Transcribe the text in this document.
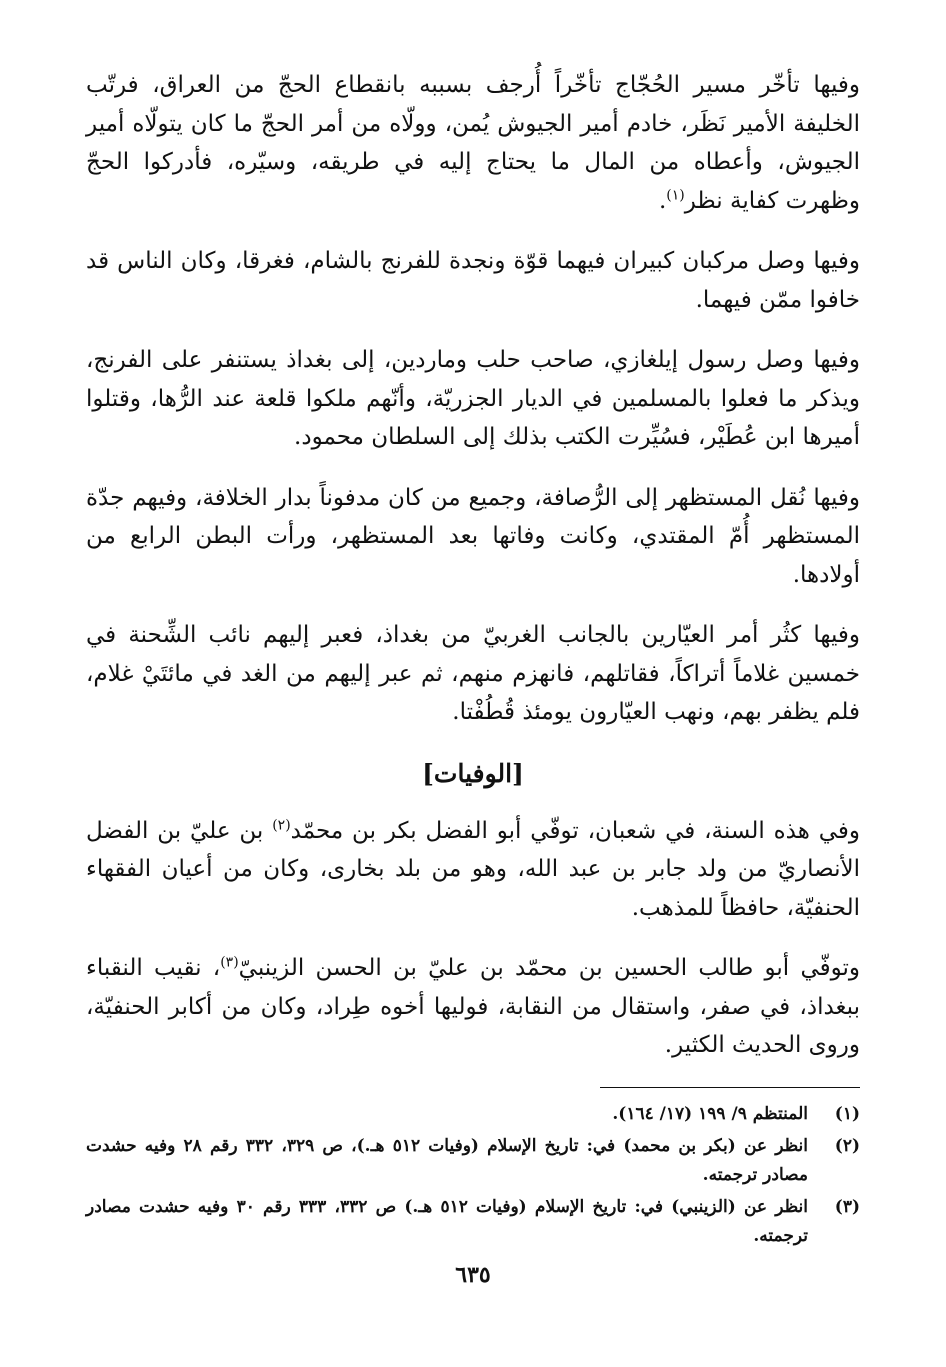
وفيها تأخّر مسير الحُجّاج تأخّراً أُرجف بسببه بانقطاع الحجّ من العراق، فرتّب الخليفة الأمير نَظَر، خادم أمير الجيوش يُمن، وولّاه من أمر الحجّ ما كان يتولّاه أمير الجيوش، وأعطاه من المال ما يحتاج إليه في طريقه، وسيّره، فأدركوا الحجّ وظهرت كفاية نظر$^{(١)}$.

وفيها وصل مركبان كبيران فيهما قوّة ونجدة للفرنج بالشام، فغرقا، وكان الناس قد خافوا ممّن فيهما.

وفيها وصل رسول إيلغازي، صاحب حلب وماردين، إلى بغداذ يستنفر على الفرنج، ويذكر ما فعلوا بالمسلمين في الديار الجزريّة، وأنّهم ملكوا قلعة عند الرُّها، وقتلوا أميرها ابن عُطَيْر، فسُيِّرت الكتب بذلك إلى السلطان محمود.

وفيها نُقل المستظهر إلى الرُّصافة، وجميع من كان مدفوناً بدار الخلافة، وفيهم جدّة المستظهر أُمّ المقتدي، وكانت وفاتها بعد المستظهر، ورأت البطن الرابع من أولادها.

وفيها كثُر أمر العيّارين بالجانب الغربيّ من بغداذ، فعبر إليهم نائب الشِّحنة في خمسين غلاماً أتراكاً، فقاتلهم، فانهزم منهم، ثم عبر إليهم من الغد في مائتَيْ غلام، فلم يظفر بهم، ونهب العيّارون يومئذ قُطُفْتا.

[الوفيات]

وفي هذه السنة، في شعبان، توفّي أبو الفضل بكر بن محمّد$^{(٢)}$ بن عليّ بن الفضل الأنصاريّ من ولد جابر بن عبد الله، وهو من بلد بخارى، وكان من أعيان الفقهاء الحنفيّة، حافظاً للمذهب.

وتوفّي أبو طالب الحسين بن محمّد بن عليّ بن الحسن الزينبيّ$^{(٣)}$، نقيب النقباء ببغداذ، في صفر، واستقال من النقابة، فوليها أخوه طِراد، وكان من أكابر الحنفيّة، وروى الحديث الكثير.

(١)
المنتظم ٩/ ١٩٩ (١٧/ ١٦٤).
(٢)
انظر عن (بكر بن محمد) في: تاريخ الإسلام (وفيات ٥١٢ هـ.)، ص ٣٢٩، ٣٣٢ رقم ٢٨ وفيه حشدت مصادر ترجمته.
(٣)
انظر عن (الزينبي) في: تاريخ الإسلام (وفيات ٥١٢ هـ.) ص ٣٣٢، ٣٣٣ رقم ٣٠ وفيه حشدت مصادر ترجمته.
٦٣٥
